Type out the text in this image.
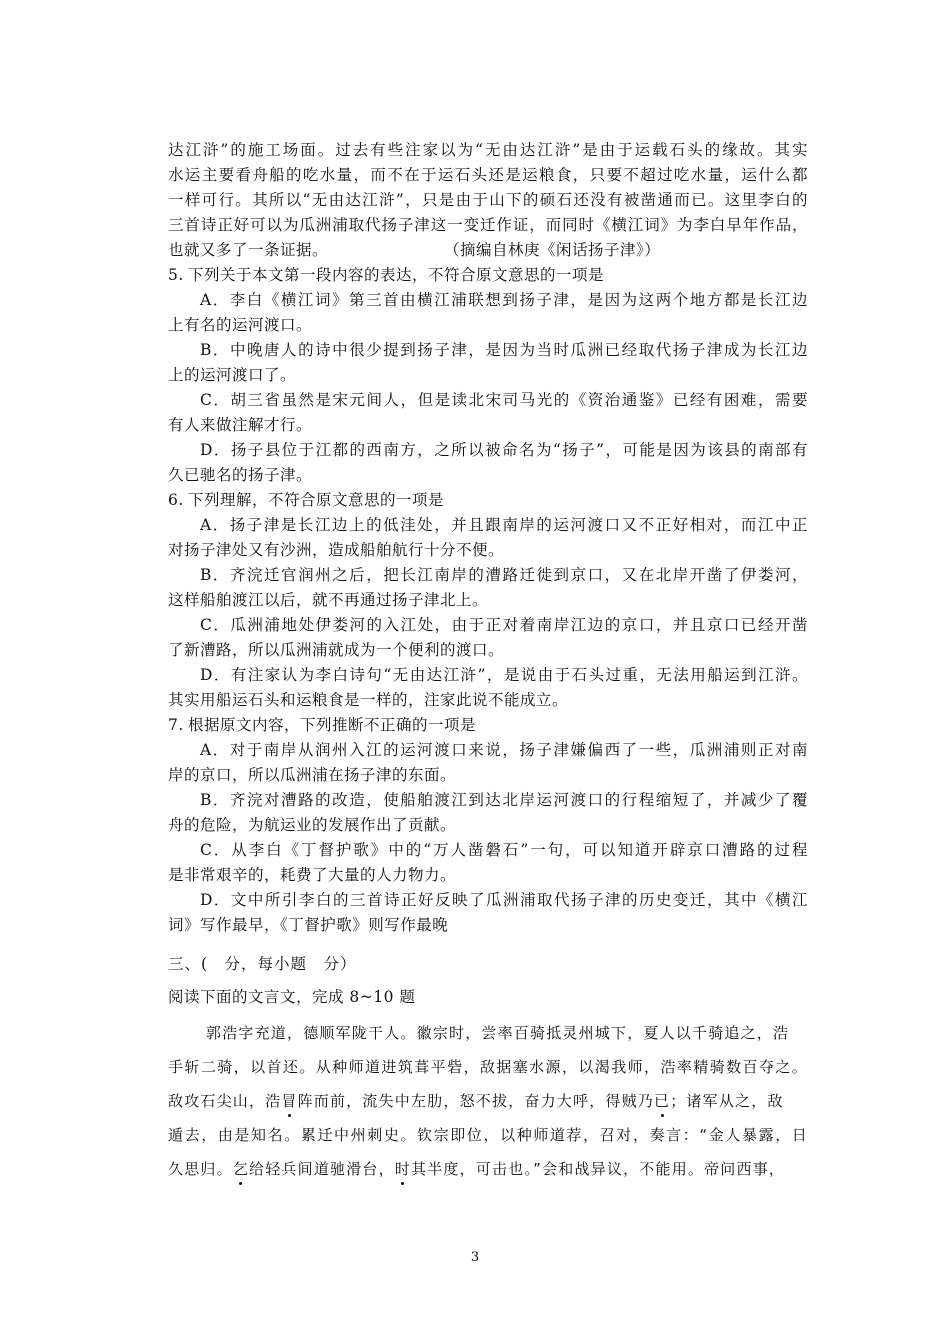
达江浒”的施工场面。过去有些注家以为“无由达江浒”是由于运载石头的缘故。其实
水运主要看舟船的吃水量，而不在于运石头还是运粮食，只要不超过吃水量，运什么都
一样可行。其所以“无由达江浒”，只是由于山下的硕石还没有被凿通而已。这里李白的
三首诗正好可以为瓜洲浦取代扬子津这一变迁作证，而同时《横江词》为李白早年作品，
也就又多了一条证据。	（摘编自林庚《闲话扬子津》）
5. 下列关于本文第一段内容的表达，不符合原文意思的一项是
A．李白《横江词》第三首由横江浦联想到扬子津，是因为这两个地方都是长江边
上有名的运河渡口。
B．中晚唐人的诗中很少提到扬子津，是因为当时瓜洲已经取代扬子津成为长江边
上的运河渡口了。
C．胡三省虽然是宋元间人，但是读北宋司马光的《资治通鉴》已经有困难，需要
有人来做注解才行。
D．扬子县位于江都的西南方，之所以被命名为“扬子”，可能是因为该县的南部有
久已驰名的扬子津。
6. 下列理解，不符合原文意思的一项是
A．扬子津是长江边上的低洼处，并且跟南岸的运河渡口又不正好相对，而江中正
对扬子津处又有沙洲，造成船舶航行十分不便。
B．齐浣迁官润州之后，把长江南岸的漕路迁徙到京口，又在北岸开凿了伊娄河，
这样船舶渡江以后，就不再通过扬子津北上。
C．瓜洲浦地处伊娄河的入江处，由于正对着南岸江边的京口，并且京口已经开凿
了新漕路，所以瓜洲浦就成为一个便利的渡口。
D．有注家认为李白诗句“无由达江浒”，是说由于石头过重，无法用船运到江浒。
其实用船运石头和运粮食是一样的，注家此说不能成立。
7. 根据原文内容，下列推断不正确的一项是
A．对于南岸从润州入江的运河渡口来说，扬子津嫌偏西了一些，瓜洲浦则正对南
岸的京口，所以瓜洲浦在扬子津的东面。
B．齐浣对漕路的改造，使船舶渡江到达北岸运河渡口的行程缩短了，并减少了覆
舟的危险，为航运业的发展作出了贡献。
C．从李白《丁督护歌》中的“万人凿磐石”一句，可以知道开辟京口漕路的过程
是非常艰辛的，耗费了大量的人力物力。
D．文中所引李白的三首诗正好反映了瓜洲浦取代扬子津的历史变迁，其中《横江
词》写作最早，《丁督护歌》则写作最晚
三、(　分，每小题　分）
阅读下面的文言文，完成 8~10 题
郭浩字充道，德顺军陇干人。徽宗时，尝率百骑抵灵州城下，夏人以千骑追之，浩
手斩二骑，以首还。从种师道进筑葺平砦，敌据塞水源，以渴我师，浩率精骑数百夺之。
敌攻石尖山，浩冒阵而前，流失中左肋，怒不拔，奋力大呼，得贼乃已；诸军从之，敌
遁去，由是知名。累迁中州刺史。钦宗即位，以种师道荐，召对，奏言：“金人暴露，日
久思归。乞给轻兵间道驰滑台，时其半度，可击也。”会和战异议，不能用。帝问西事，
3
